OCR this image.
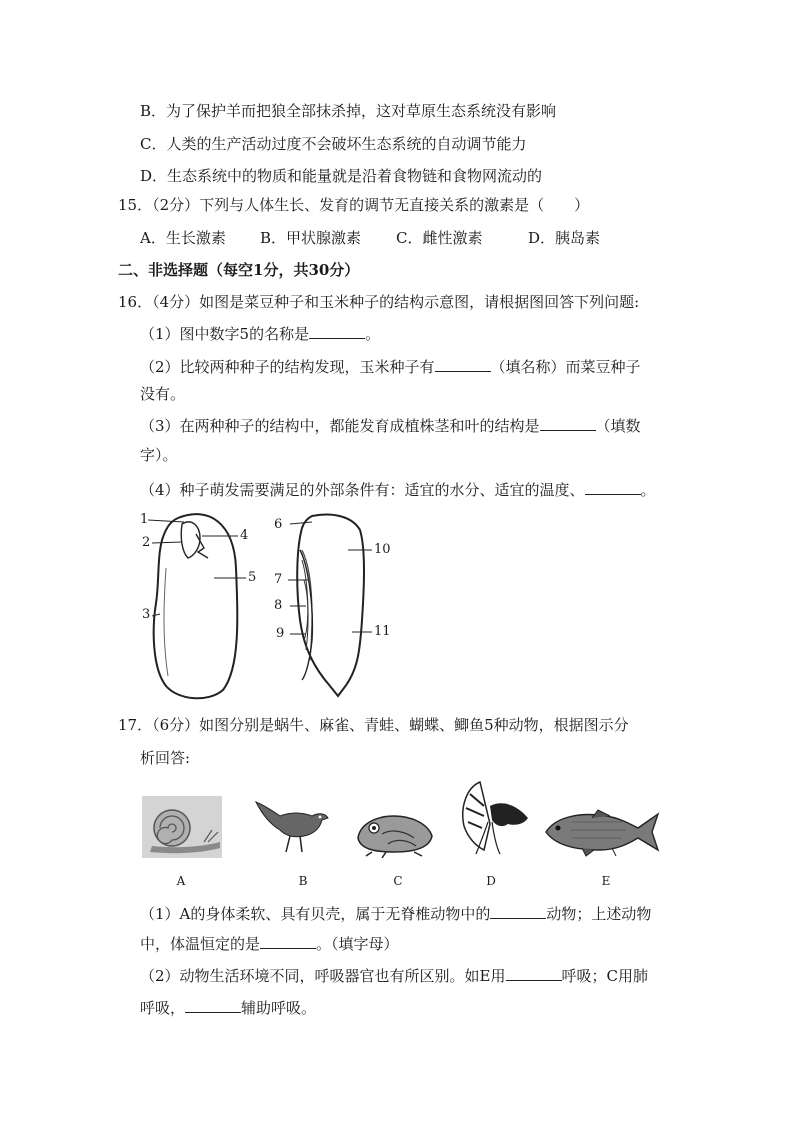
B．为了保护羊而把狼全部抹杀掉，这对草原生态系统没有影响
C．人类的生产活动过度不会破坏生态系统的自动调节能力
D．生态系统中的物质和能量就是沿着食物链和食物网流动的
15．（2分）下列与人体生长、发育的调节无直接关系的激素是（　　）
A．生长激素 B．甲状腺激素 C．雌性激素	D．胰岛素
二、非选择题（每空1分，共30分）
16．（4分）如图是菜豆种子和玉米种子的结构示意图，请根据图回答下列问题:
（1）图中数字5的名称是	。
（2）比较两种种子的结构发现，玉米种子有	（填名称）而菜豆种子
没有。
（3）在两种种子的结构中，都能发育成植株茎和叶的结构是	（填数
字）。
（4）种子萌发需要满足的外部条件有：适宜的水分、适宜的温度、	。
1
2
3
4
5
6
7
8
9
10
11
17．（6分）如图分别是蜗牛、麻雀、青蛙、蝴蝶、鲫鱼5种动物，根据图示分
析回答:
A	B	C	D	E
（1）A的身体柔软、具有贝壳，属于无脊椎动物中的	动物；上述动物
中，体温恒定的是	。（填字母）
（2）动物生活环境不同，呼吸器官也有所区别。如E用	呼吸；C用肺
呼吸，	辅助呼吸。
